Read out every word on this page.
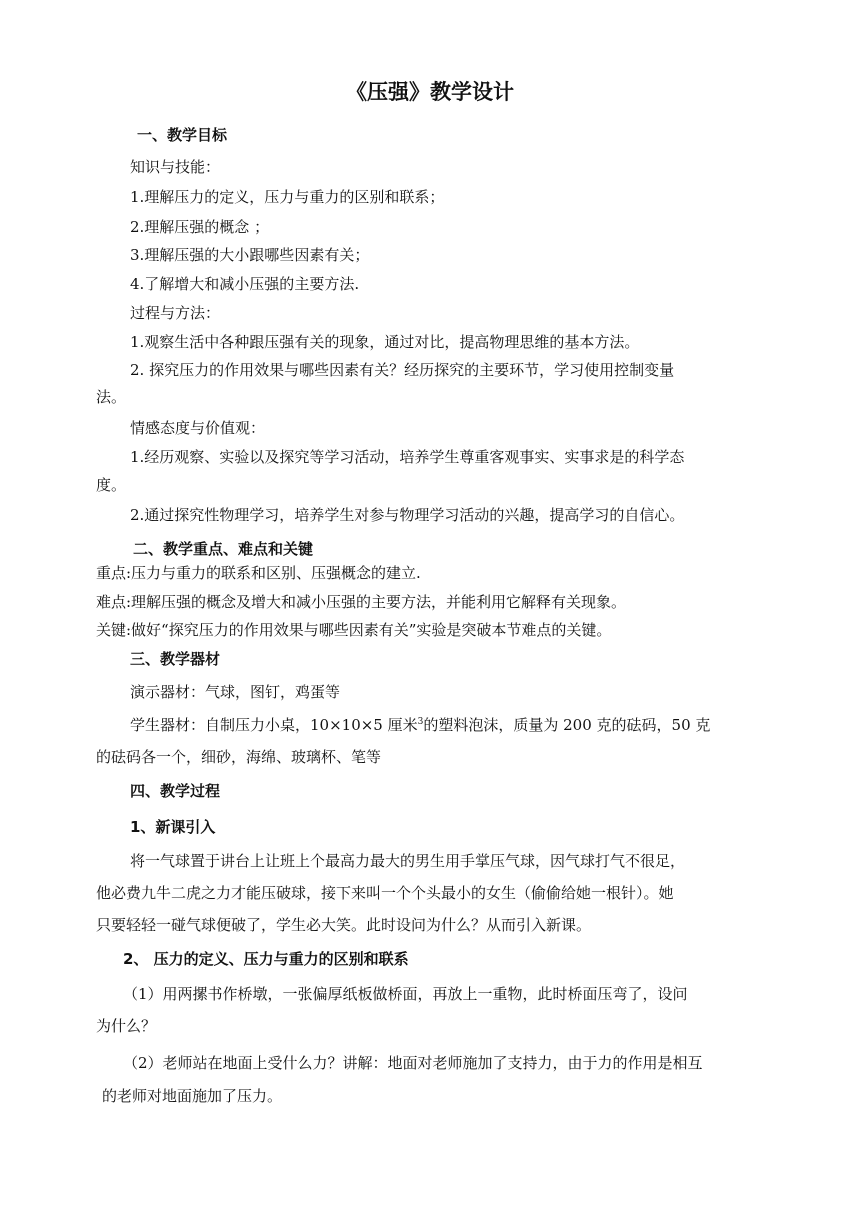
《压强》教学设计
一、教学目标
知识与技能：
1.理解压力的定义，压力与重力的区别和联系；
2.理解压强的概念 ；
3.理解压强的大小跟哪些因素有关；
4.了解增大和减小压强的主要方法.
过程与方法：
1.观察生活中各种跟压强有关的现象，通过对比，提高物理思维的基本方法。
2. 探究压力的作用效果与哪些因素有关？经历探究的主要环节，学习使用控制变量
法。
情感态度与价值观：
1.经历观察、实验以及探究等学习活动，培养学生尊重客观事实、实事求是的科学态
度。
2.通过探究性物理学习，培养学生对参与物理学习活动的兴趣，提高学习的自信心。
二、教学重点、难点和关键
重点:压力与重力的联系和区别、压强概念的建立.
难点:理解压强的概念及增大和减小压强的主要方法，并能利用它解释有关现象。
关键:做好“探究压力的作用效果与哪些因素有关”实验是突破本节难点的关键。
三、教学器材
演示器材：气球，图钉，鸡蛋等
学生器材：自制压力小桌，10×10×5 厘米$^3$的塑料泡沫，质量为 200 克的砝码，50 克
的砝码各一个，细砂，海绵、玻璃杯、笔等
四、教学过程
1、新课引入
将一气球置于讲台上让班上个最高力最大的男生用手掌压气球，因气球打气不很足，
他必费九牛二虎之力才能压破球，接下来叫一个个头最小的女生（偷偷给她一根针）。她
只要轻轻一碰气球便破了，学生必大笑。此时设问为什么？从而引入新课。
2、 压力的定义、压力与重力的区别和联系
（1）用两摞书作桥墩，一张偏厚纸板做桥面，再放上一重物，此时桥面压弯了，设问
为什么？
（2）老师站在地面上受什么力？讲解：地面对老师施加了支持力，由于力的作用是相互
的老师对地面施加了压力。
